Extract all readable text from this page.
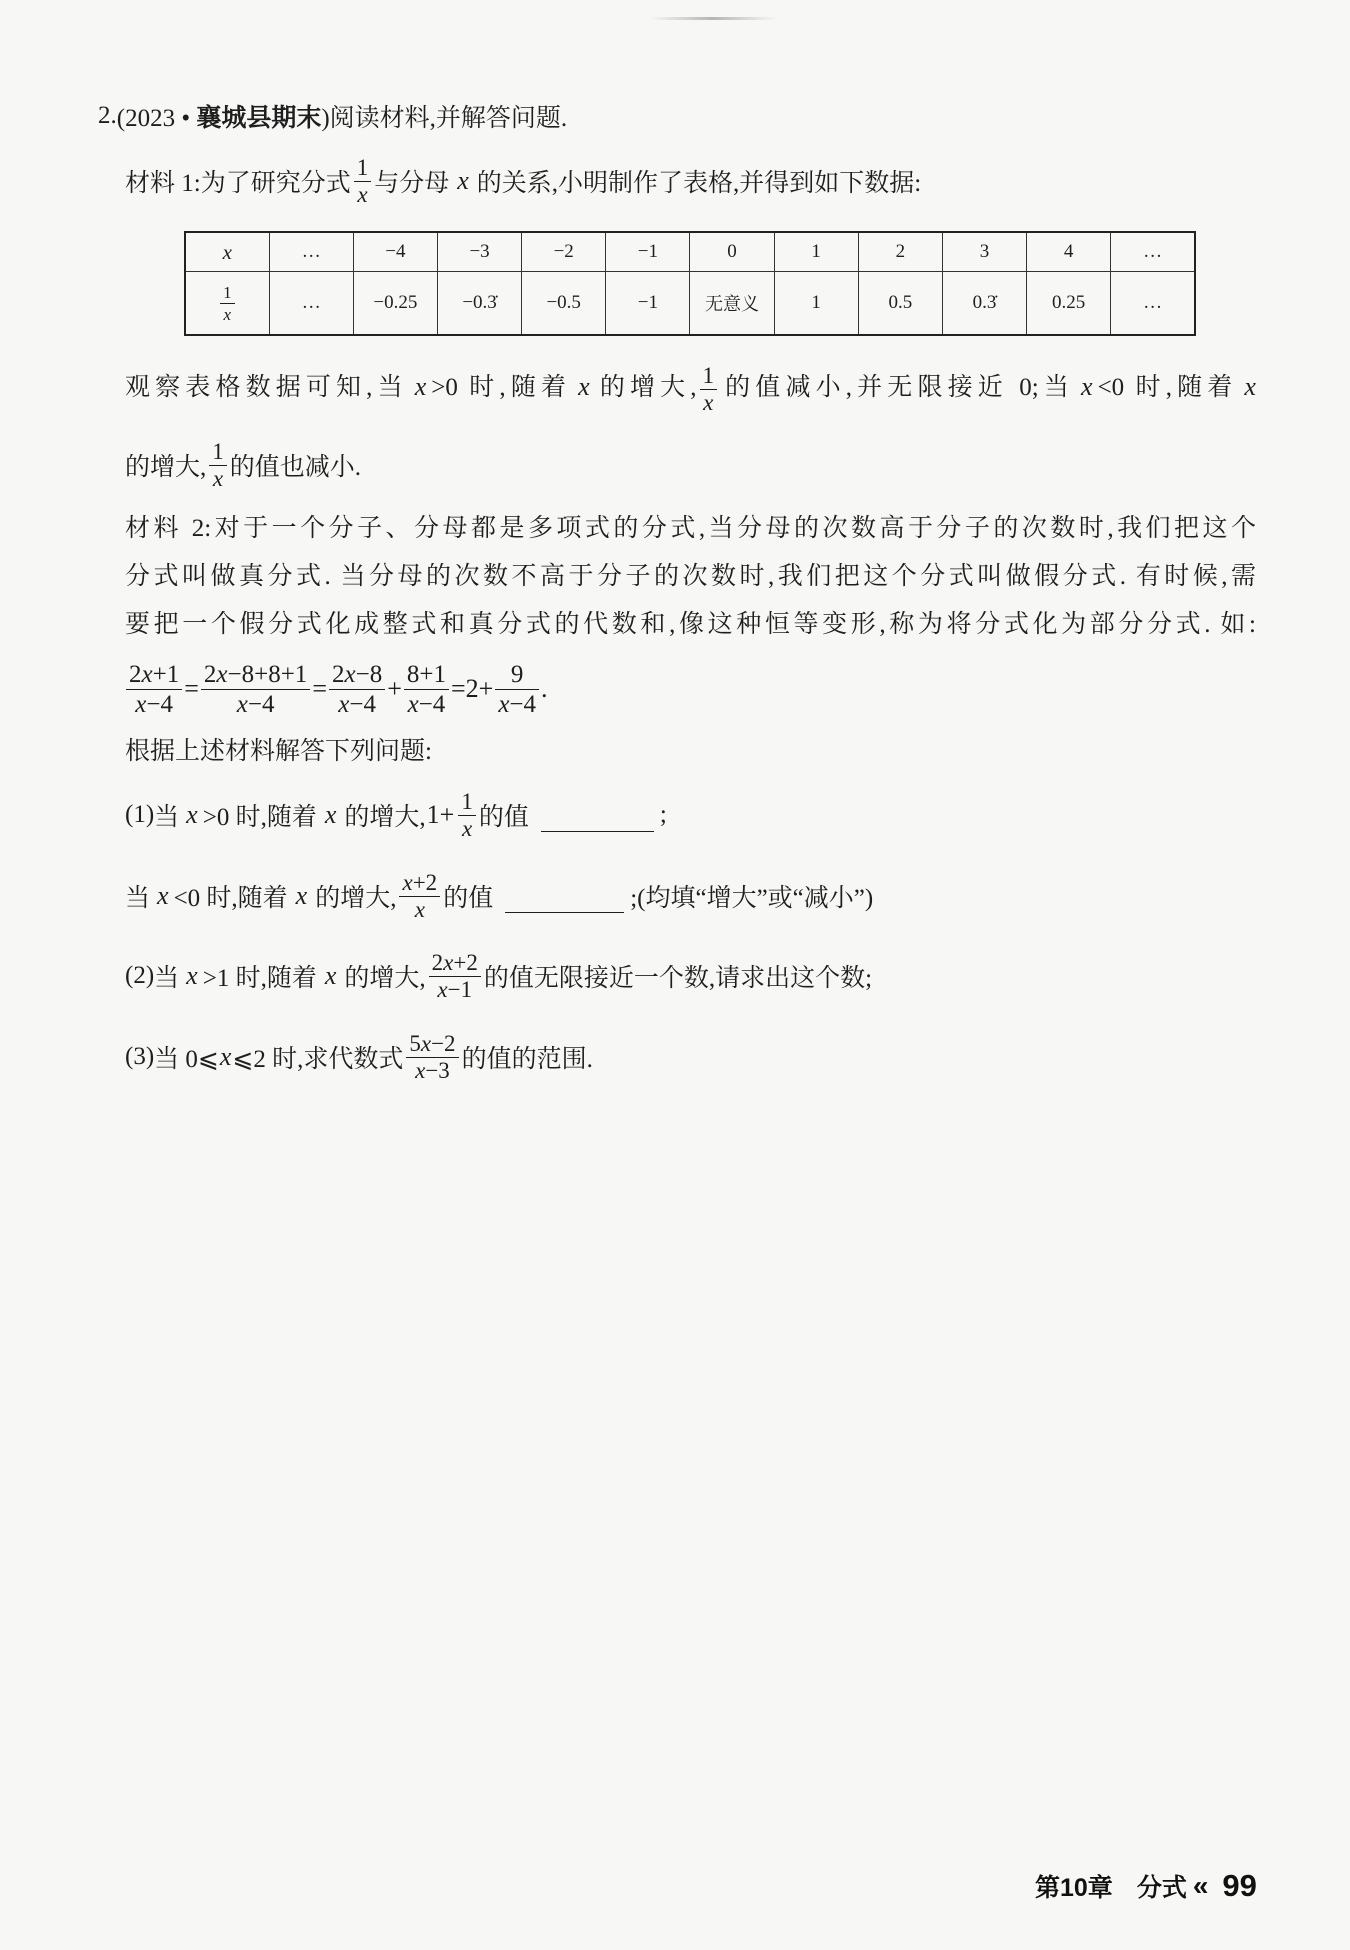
2. (2023 • 襄城县期末) 阅读材料,并解答问题.
材料 1: 为了研究分式 $\frac{1}{x}$ 与分母 x 的关系,小明制作了表格,并得到如下数据:
x	…	−4	−3	−2	−1	0	1	2	3	4	…

$\frac{1}{x}$	…	−0.25	−0.3̇	−0.5	−1	无意义	1	0.5	0.3̇	0.25	…
观察表格数据可知,当 x >0 时,随着 x 的增大, $\frac{1}{x}$ 的值减小,并无限接近 0;当 x <0 时,随着 x
的增大, $\frac{1}{x}$ 的值也减小.
材料 2:对于一个分子、分母都是多项式的分式,当分母的次数高于分子的次数时,我们把这个
分式叫做真分式. 当分母的次数不高于分子的次数时,我们把这个分式叫做假分式. 有时候,需
要把一个假分式化成整式和真分式的代数和,像这种恒等变形,称为将分式化为部分分式. 如:
$\frac{2x+1}{x-4} = \frac{2x-8+8+1}{x-4} = \frac{2x-8}{x-4} + \frac{8+1}{x-4} =2+ \frac{9}{x-4}$ .
根据上述材料解答下列问题:
(1) 当 x >0 时,随着 x 的增大, $1+ \frac{1}{x}$ 的值	;
当 x <0 时,随着 x 的增大, $\frac{x+2}{x}$ 的值	;(均填“增大”或“减小”)
(2) 当 x >1 时,随着 x 的增大, $\frac{2x+2}{x-1}$ 的值无限接近一个数,请求出这个数;
(3) 当 0⩽ x ⩽2 时,求代数式 $\frac{5x-2}{x-3}$ 的值的范围.
第10章 分式 « 99
